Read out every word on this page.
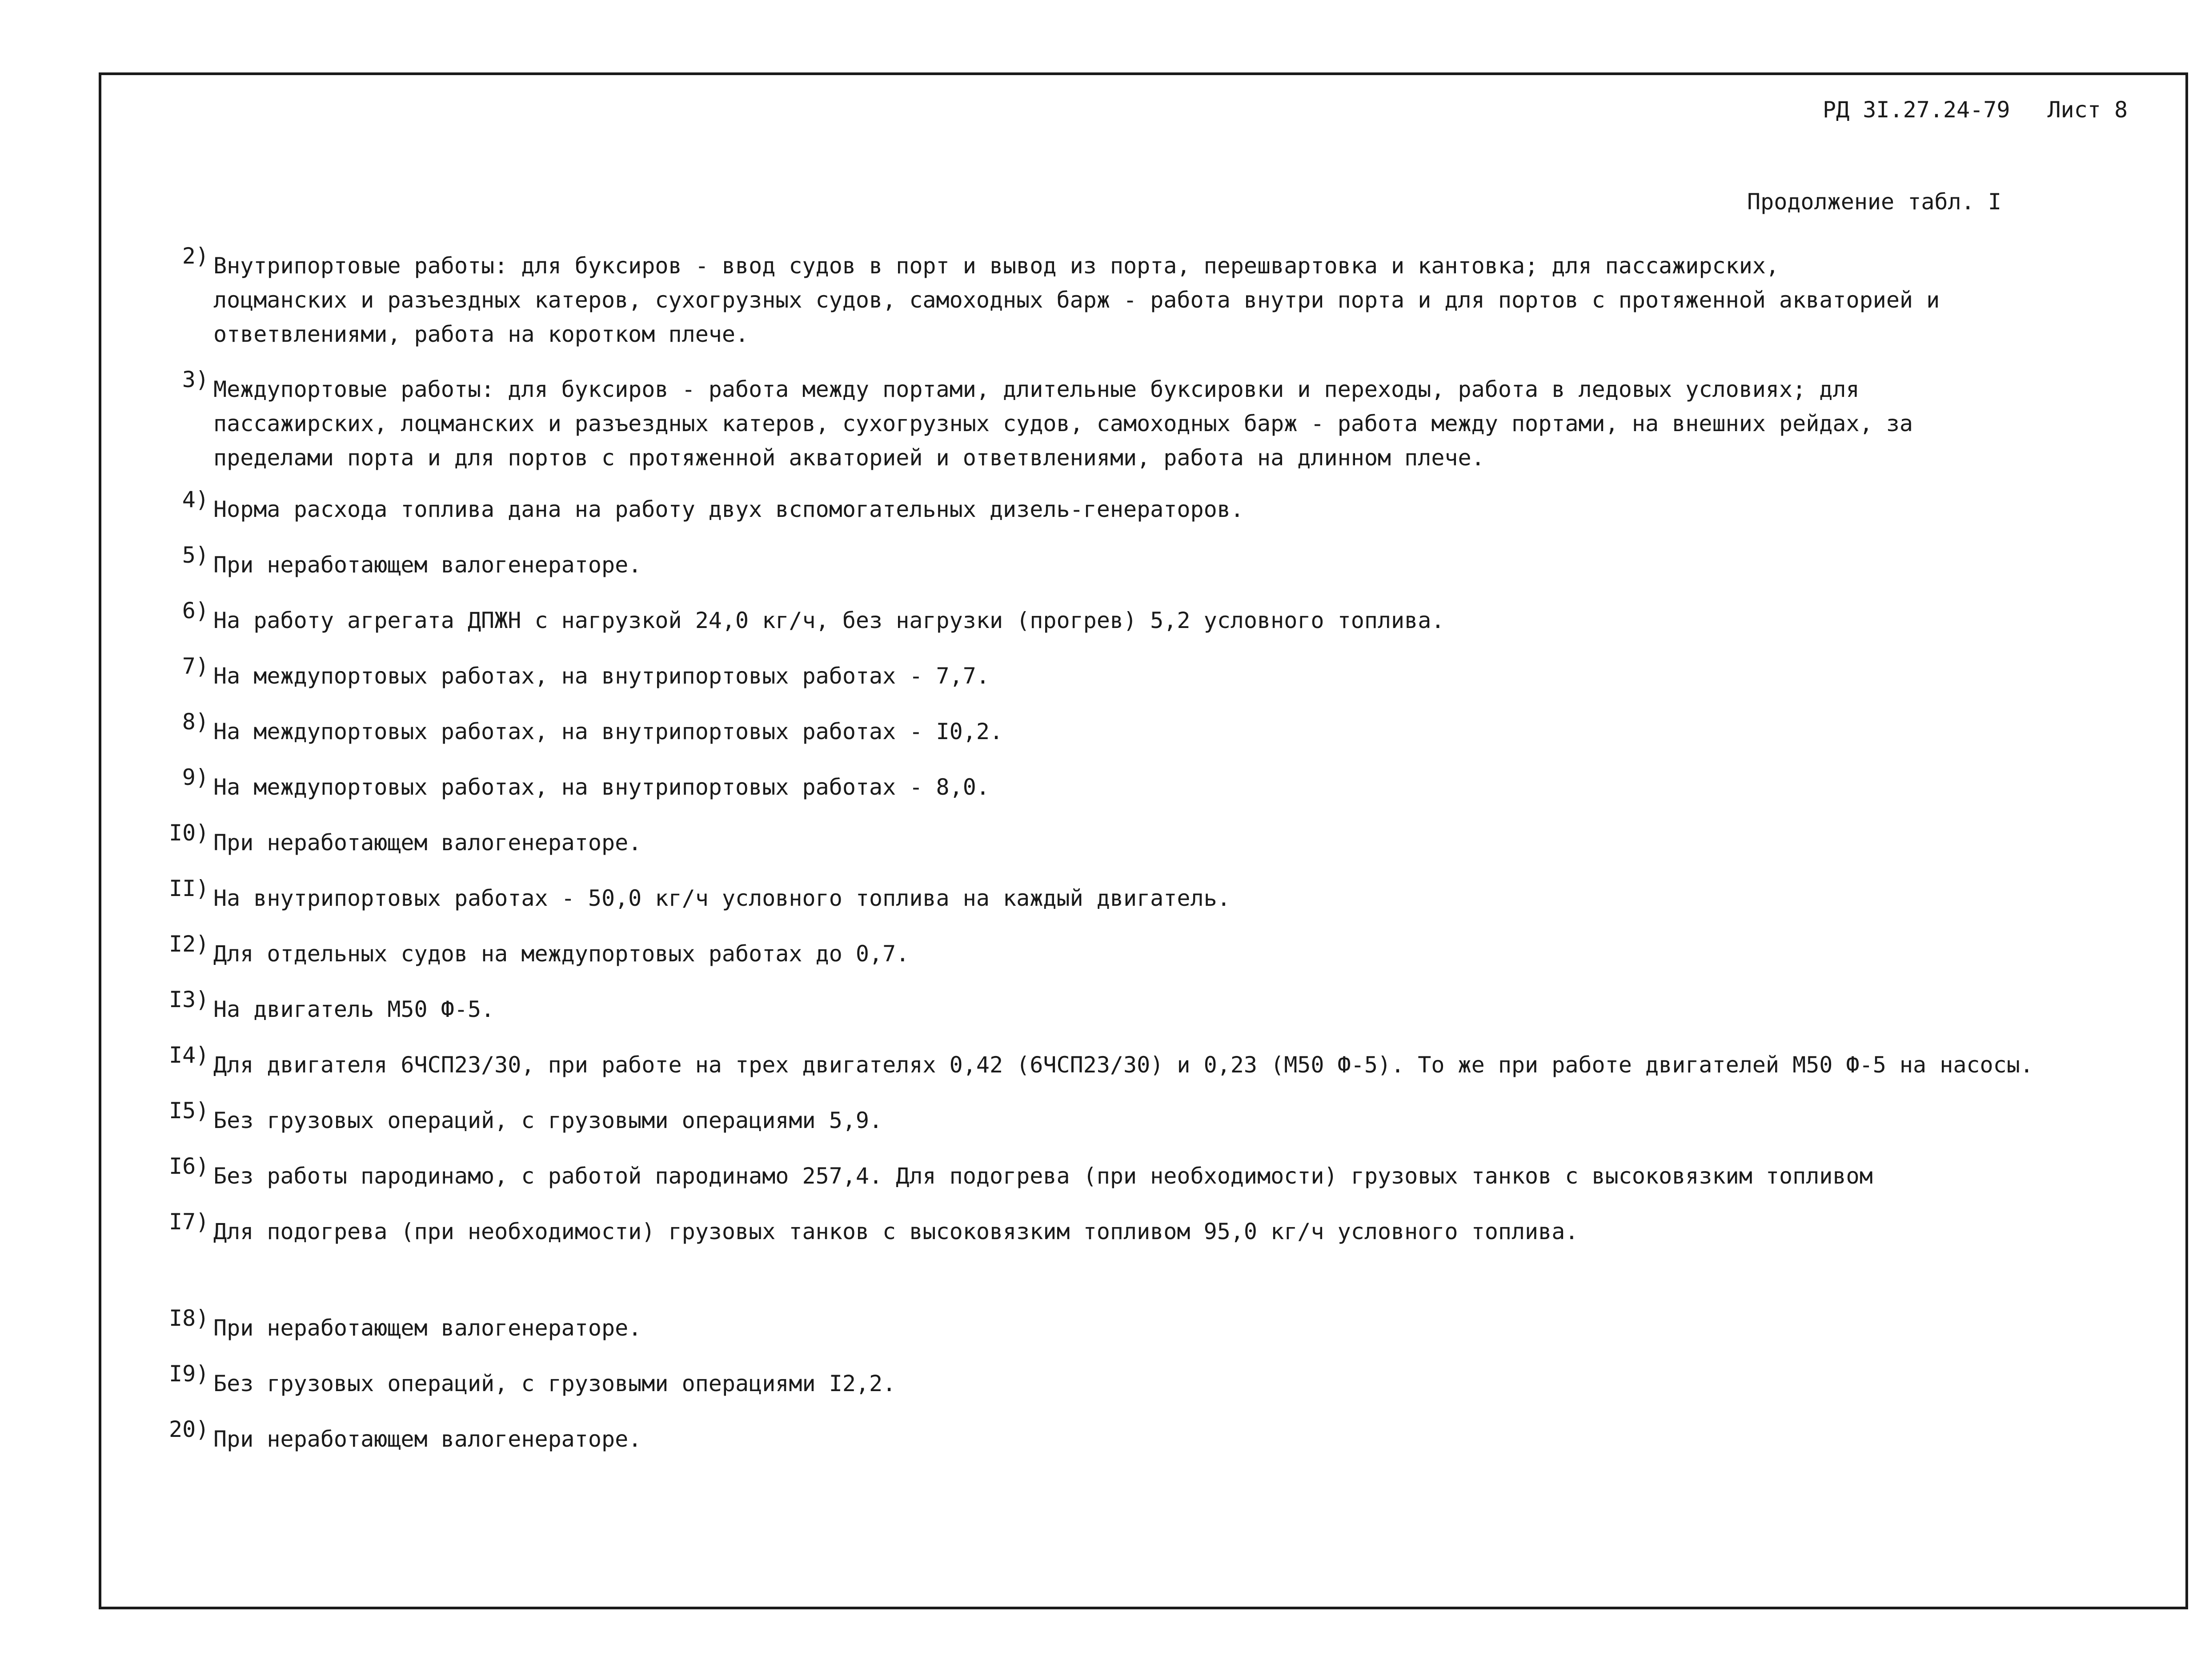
РД 3I.27.24-79 Лист 8
Продолжение табл. I
2) Внутрипортовые работы: для буксиров - ввод судов в порт и вывод из порта, перешвартовка и кантовка; для пассажирских,
лоцманских и разъездных катеров, сухогрузных судов, самоходных барж - работа внутри порта и для портов с протяженной акваторией и
ответвлениями, работа на коротком плече.
3) Междупортовые работы: для буксиров - работа между портами, длительные буксировки и переходы, работа в ледовых условиях; для
пассажирских, лоцманских и разъездных катеров, сухогрузных судов, самоходных барж - работа между портами, на внешних рейдах, за
пределами порта и для портов с протяженной акваторией и ответвлениями, работа на длинном плече.
4) Норма расхода топлива дана на работу двух вспомогательных дизель-генераторов.
5) При неработающем валогенераторе.
6) На работу агрегата ДПЖН с нагрузкой 24,0 кг/ч, без нагрузки (прогрев) 5,2 условного топлива.
7) На междупортовых работах, на внутрипортовых работах - 7,7.
8) На междупортовых работах, на внутрипортовых работах - I0,2.
9) На междупортовых работах, на внутрипортовых работах - 8,0.
I0) При неработающем валогенераторе.
II) На внутрипортовых работах - 50,0 кг/ч условного топлива на каждый двигатель.
I2) Для отдельных судов на междупортовых работах до 0,7.
I3) На двигатель М50 Ф-5.
I4) Для двигателя 6ЧСП23/30, при работе на трех двигателях 0,42 (6ЧСП23/30) и 0,23 (М50 Ф-5). То же при работе двигателей М50 Ф-5 на насосы.
I5) Без грузовых операций, с грузовыми операциями 5,9.
I6) Без работы пародинамо, с работой пародинамо 257,4. Для подогрева (при необходимости) грузовых танков с высоковязким топливом
I7) Для подогрева (при необходимости) грузовых танков с высоковязким топливом 95,0 кг/ч условного топлива.
I8) При неработающем валогенераторе.
I9) Без грузовых операций, с грузовыми операциями I2,2.
20) При неработающем валогенераторе.
